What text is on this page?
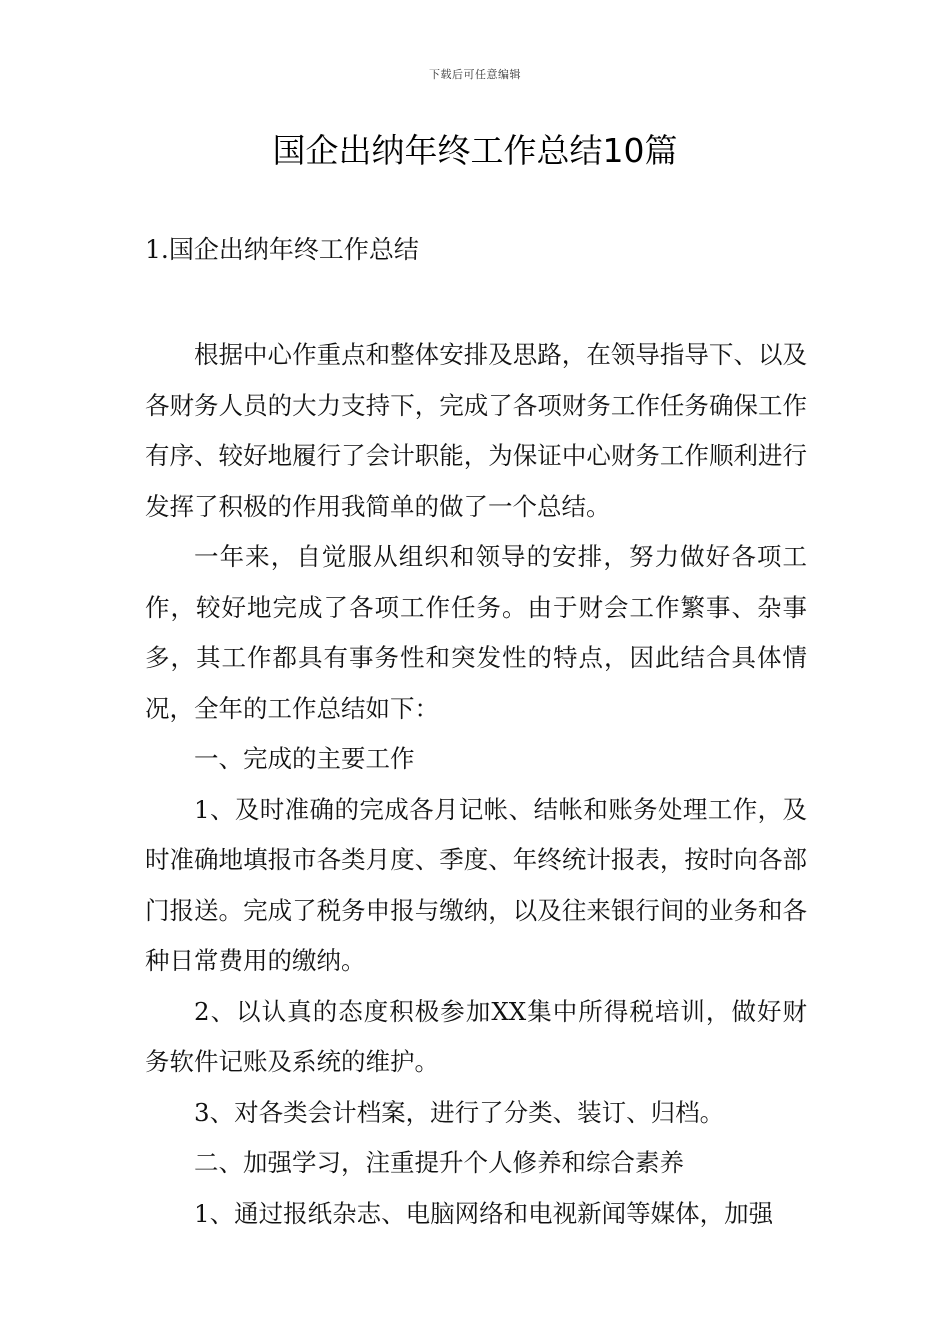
下载后可任意编辑
国企出纳年终工作总结10篇
1.国企出纳年终工作总结

根据中心作重点和整体安排及思路，在领导指导下、以及各财务人员的大力支持下，完成了各项财务工作任务确保工作有序、较好地履行了会计职能，为保证中心财务工作顺利进行发挥了积极的作用我简单的做了一个总结。

一年来，自觉服从组织和领导的安排，努力做好各项工作，较好地完成了各项工作任务。由于财会工作繁事、杂事多，其工作都具有事务性和突发性的特点，因此结合具体情况，全年的工作总结如下：

一、完成的主要工作

1、及时准确的完成各月记帐、结帐和账务处理工作，及时准确地填报市各类月度、季度、年终统计报表，按时向各部门报送。完成了税务申报与缴纳，以及往来银行间的业务和各种日常费用的缴纳。

2、以认真的态度积极参加XX集中所得税培训，做好财务软件记账及系统的维护。

3、对各类会计档案，进行了分类、装订、归档。

二、加强学习，注重提升个人修养和综合素养

1、通过报纸杂志、电脑网络和电视新闻等媒体，加强
